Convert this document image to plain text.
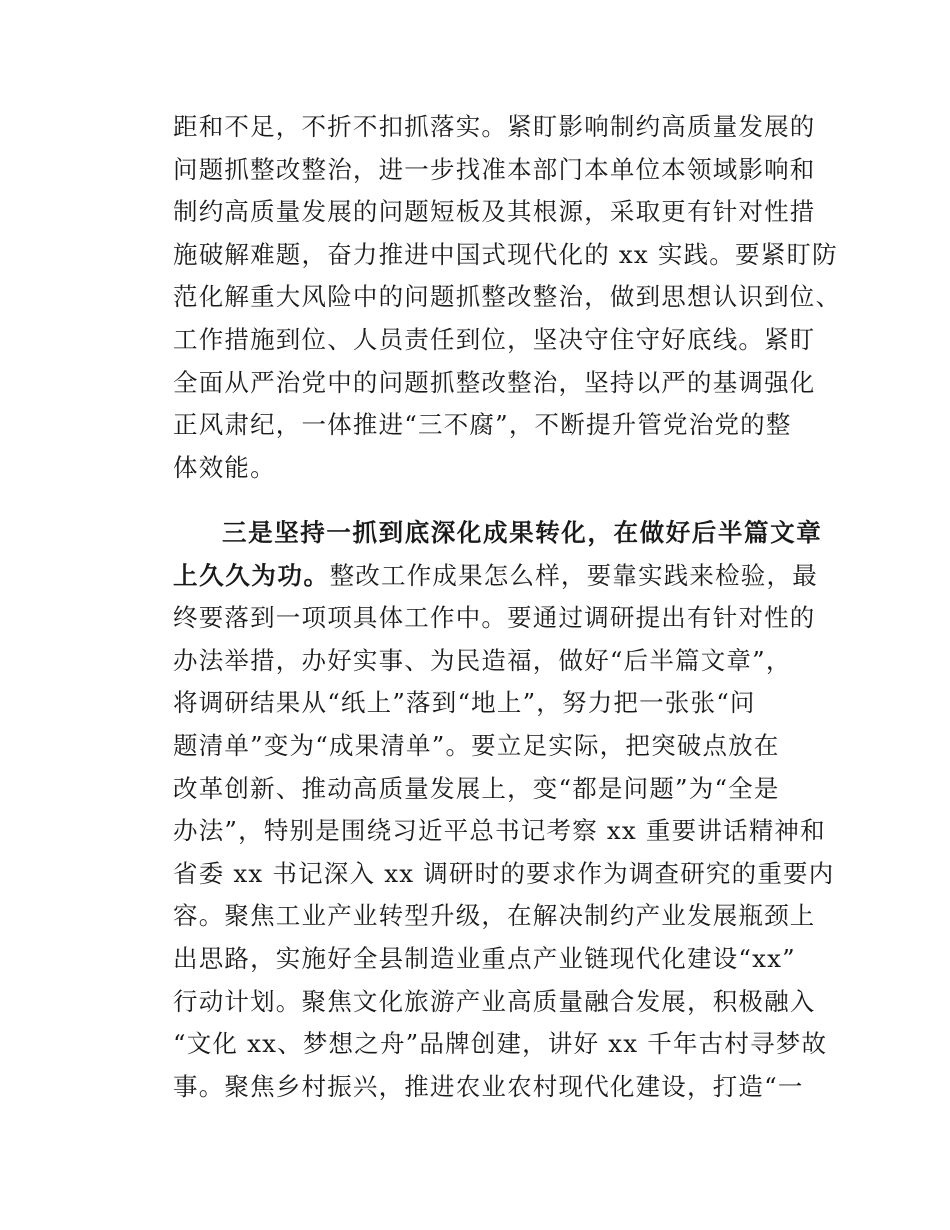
距和不足，不折不扣抓落实。紧盯影响制约高质量发展的
问题抓整改整治，进一步找准本部门本单位本领域影响和
制约高质量发展的问题短板及其根源，采取更有针对性措
施破解难题，奋力推进中国式现代化的 xx 实践。要紧盯防
范化解重大风险中的问题抓整改整治，做到思想认识到位、
工作措施到位、人员责任到位，坚决守住守好底线。紧盯
全面从严治党中的问题抓整改整治，坚持以严的基调强化
正风肃纪，一体推进“三不腐”，不断提升管党治党的整
体效能。
三是坚持一抓到底深化成果转化，在做好后半篇文章
上久久为功。整改工作成果怎么样，要靠实践来检验，最
终要落到一项项具体工作中。要通过调研提出有针对性的
办法举措，办好实事、为民造福，做好“后半篇文章”，
将调研结果从“纸上”落到“地上”，努力把一张张“问
题清单”变为“成果清单”。要立足实际，把突破点放在
改革创新、推动高质量发展上，变“都是问题”为“全是
办法”，特别是围绕习近平总书记考察 xx 重要讲话精神和
省委 xx 书记深入 xx 调研时的要求作为调查研究的重要内
容。聚焦工业产业转型升级，在解决制约产业发展瓶颈上
出思路，实施好全县制造业重点产业链现代化建设“xx”
行动计划。聚焦文化旅游产业高质量融合发展，积极融入
“文化 xx、梦想之舟”品牌创建，讲好 xx 千年古村寻梦故
事。聚焦乡村振兴，推进农业农村现代化建设，打造“一
